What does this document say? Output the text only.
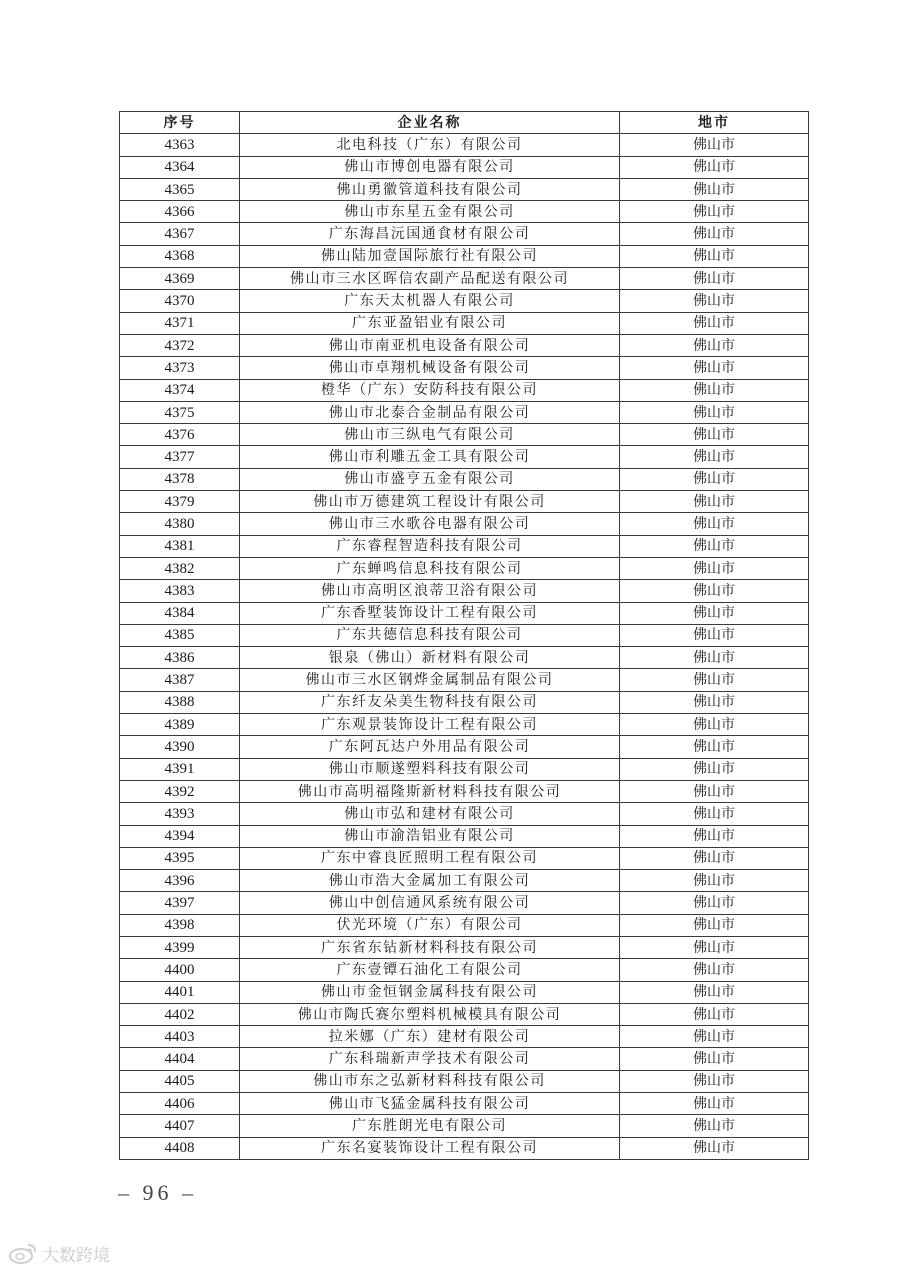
序号	企业名称	地市
4363	北电科技（广东）有限公司	佛山市
4364	佛山市博创电器有限公司	佛山市
4365	佛山勇徽管道科技有限公司	佛山市
4366	佛山市东星五金有限公司	佛山市
4367	广东海昌沅国通食材有限公司	佛山市
4368	佛山陆加壹国际旅行社有限公司	佛山市
4369	佛山市三水区晖信农副产品配送有限公司	佛山市
4370	广东天太机器人有限公司	佛山市
4371	广东亚盈铝业有限公司	佛山市
4372	佛山市南亚机电设备有限公司	佛山市
4373	佛山市卓翔机械设备有限公司	佛山市
4374	橙华（广东）安防科技有限公司	佛山市
4375	佛山市北泰合金制品有限公司	佛山市
4376	佛山市三纵电气有限公司	佛山市
4377	佛山市利雕五金工具有限公司	佛山市
4378	佛山市盛亨五金有限公司	佛山市
4379	佛山市万德建筑工程设计有限公司	佛山市
4380	佛山市三水歌谷电器有限公司	佛山市
4381	广东睿程智造科技有限公司	佛山市
4382	广东蝉鸣信息科技有限公司	佛山市
4383	佛山市高明区浪蒂卫浴有限公司	佛山市
4384	广东香墅装饰设计工程有限公司	佛山市
4385	广东共德信息科技有限公司	佛山市
4386	银泉（佛山）新材料有限公司	佛山市
4387	佛山市三水区钢烨金属制品有限公司	佛山市
4388	广东纤友朵美生物科技有限公司	佛山市
4389	广东观景装饰设计工程有限公司	佛山市
4390	广东阿瓦达户外用品有限公司	佛山市
4391	佛山市顺遂塑料科技有限公司	佛山市
4392	佛山市高明福隆斯新材料科技有限公司	佛山市
4393	佛山市弘和建材有限公司	佛山市
4394	佛山市渝浩铝业有限公司	佛山市
4395	广东中睿良匠照明工程有限公司	佛山市
4396	佛山市浩大金属加工有限公司	佛山市
4397	佛山中创信通风系统有限公司	佛山市
4398	伏光环境（广东）有限公司	佛山市
4399	广东省东钻新材料科技有限公司	佛山市
4400	广东壹镡石油化工有限公司	佛山市
4401	佛山市金恒钢金属科技有限公司	佛山市
4402	佛山市陶氏赛尔塑料机械模具有限公司	佛山市
4403	拉米娜（广东）建材有限公司	佛山市
4404	广东科瑞新声学技术有限公司	佛山市
4405	佛山市东之弘新材料科技有限公司	佛山市
4406	佛山市飞猛金属科技有限公司	佛山市
4407	广东胜朗光电有限公司	佛山市
4408	广东名宴装饰设计工程有限公司	佛山市
– 96 –
大数跨境
